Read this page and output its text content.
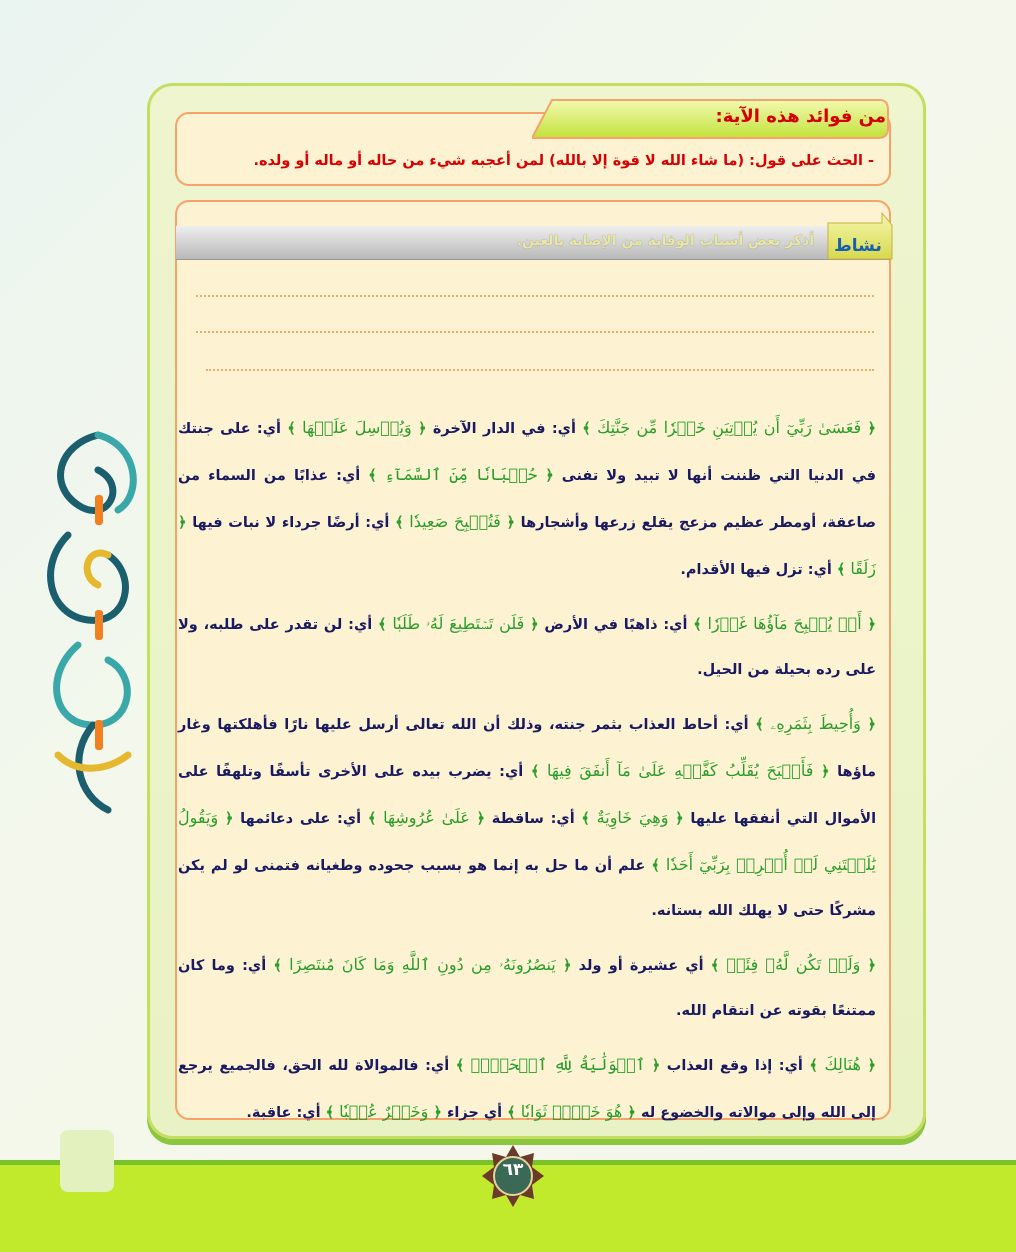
من فوائد هذه الآية:
- الحث على قول: (ما شاء الله لا قوة إلا بالله) لمن أعجبه شيء من حاله أو ماله أو ولده.
نشاط
أذكر بعض أسباب الوقاية من الإصابة بالعين.

﴿ فَعَسَىٰ رَبِّيٓ أَن يُؤۡتِيَنِ خَيۡرٗا مِّن جَنَّتِكَ ﴾ أي: في الدار الآخرة ﴿ وَيُرۡسِلَ عَلَيۡهَا ﴾ أي: على جنتك في الدنيا التي ظننت أنها لا تبيد ولا تفنى ﴿ حُسۡبَانٗا مِّنَ ٱلسَّمَآءِ ﴾ أي: عذابًا من السماء من صاعقة، أومطر عظيم مزعج يقلع زرعها وأشجارها ﴿ فَتُصۡبِحَ صَعِيدٗا ﴾ أي: أرضًا جرداء لا نبات فيها ﴿ زَلَقًا ﴾ أي: تزل فيها الأقدام.

﴿ أَوۡ يُصۡبِحَ مَآؤُهَا غَوۡرٗا ﴾ أي: ذاهبًا في الأرض ﴿ فَلَن تَسۡتَطِيعَ لَهُۥ طَلَبٗا ﴾ أي: لن تقدر على طلبه، ولا على رده بحيلة من الحيل.

﴿ وَأُحِيطَ بِثَمَرِهِۦ ﴾ أي: أحاط العذاب بثمر جنته، وذلك أن الله تعالى أرسل عليها نارًا فأهلكتها وغار ماؤها ﴿ فَأَصۡبَحَ يُقَلِّبُ كَفَّيۡهِ عَلَىٰ مَآ أَنفَقَ فِيهَا ﴾ أي: يضرب بيده على الأخرى تأسفًا وتلهفًا على الأموال التي أنفقها عليها ﴿ وَهِيَ خَاوِيَةٌ ﴾ أي: ساقطة ﴿ عَلَىٰ عُرُوشِهَا ﴾ أي: على دعائمها ﴿ وَيَقُولُ يَٰلَيۡتَنِي لَمۡ أُشۡرِكۡ بِرَبِّيٓ أَحَدٗا ﴾ علم أن ما حل به إنما هو بسبب جحوده وطغيانه فتمنى لو لم يكن مشركًا حتى لا يهلك الله بستانه.

﴿ وَلَمۡ تَكُن لَّهُۥ فِئَةٞ ﴾ أي عشيرة أو ولد ﴿ يَنصُرُونَهُۥ مِن دُونِ ٱللَّهِ وَمَا كَانَ مُنتَصِرًا ﴾ أي: وما كان ممتنعًا بقوته عن انتقام الله.

﴿ هُنَالِكَ ﴾ أي: إذا وقع العذاب ﴿ ٱلۡوَلَٰيَةُ لِلَّهِ ٱلۡحَقِّۚ ﴾ أي: فالموالاة لله الحق، فالجميع يرجع إلى الله وإلى موالاته والخضوع له ﴿ هُوَ خَيۡرٞ ثَوَابٗا ﴾ أي جزاء ﴿ وَخَيۡرٌ عُقۡبٗا ﴾ أي: عاقبة.

٦٣
